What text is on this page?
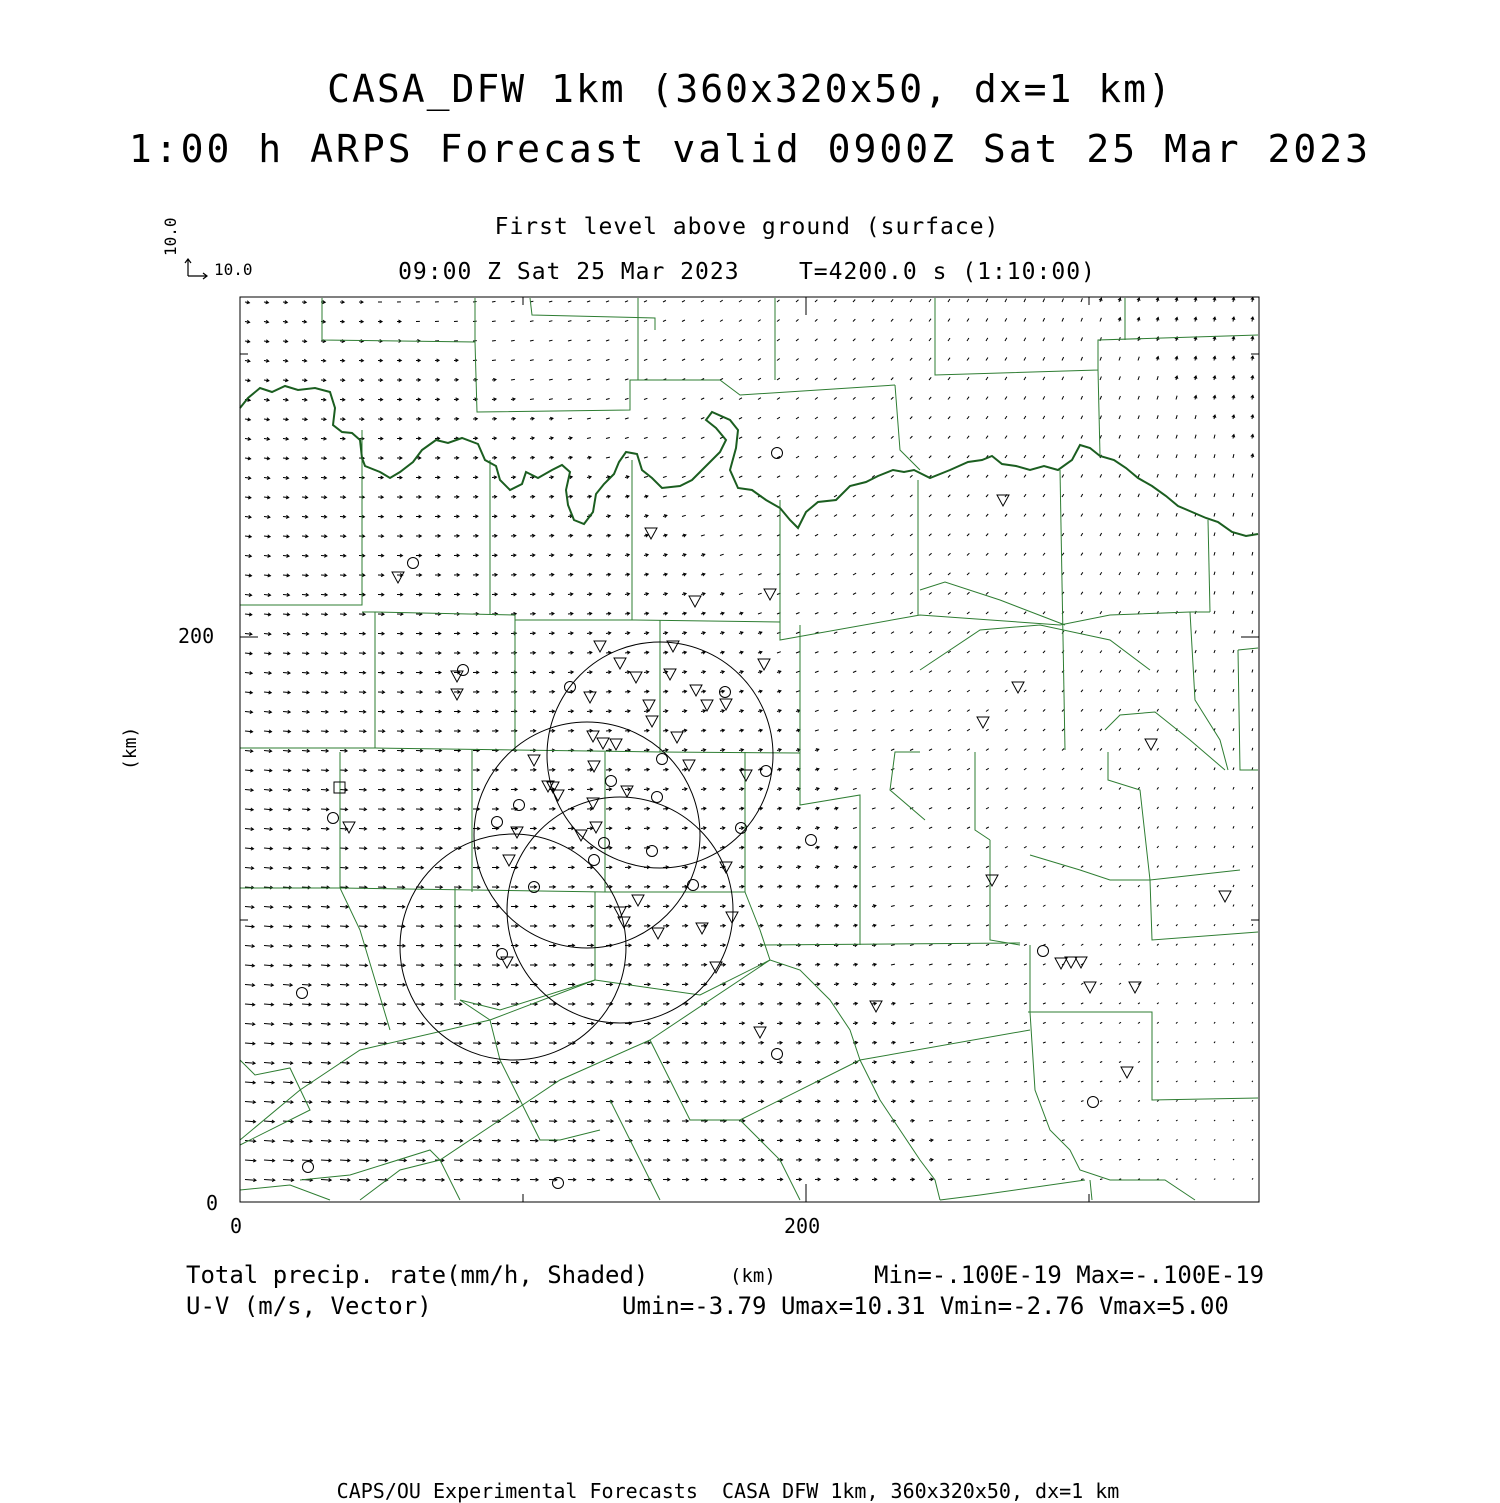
CASA_DFW 1km (360x320x50, dx=1 km)
1:00 h ARPS Forecast valid 0900Z Sat 25 Mar 2023
First level above ground (surface)
09:00 Z Sat 25 Mar 2023    T=4200.0 s (1:10:00)
10.0
10.0
200
0
0	200
(km)
(km)
Total precip. rate(mm/h, Shaded)
U-V (m/s, Vector)
Min=-.100E-19 Max=-.100E-19
Umin=-3.79 Umax=10.31 Vmin=-2.76 Vmax=5.00
CAPS/OU Experimental Forecasts  CASA DFW 1km, 360x320x50, dx=1 km
